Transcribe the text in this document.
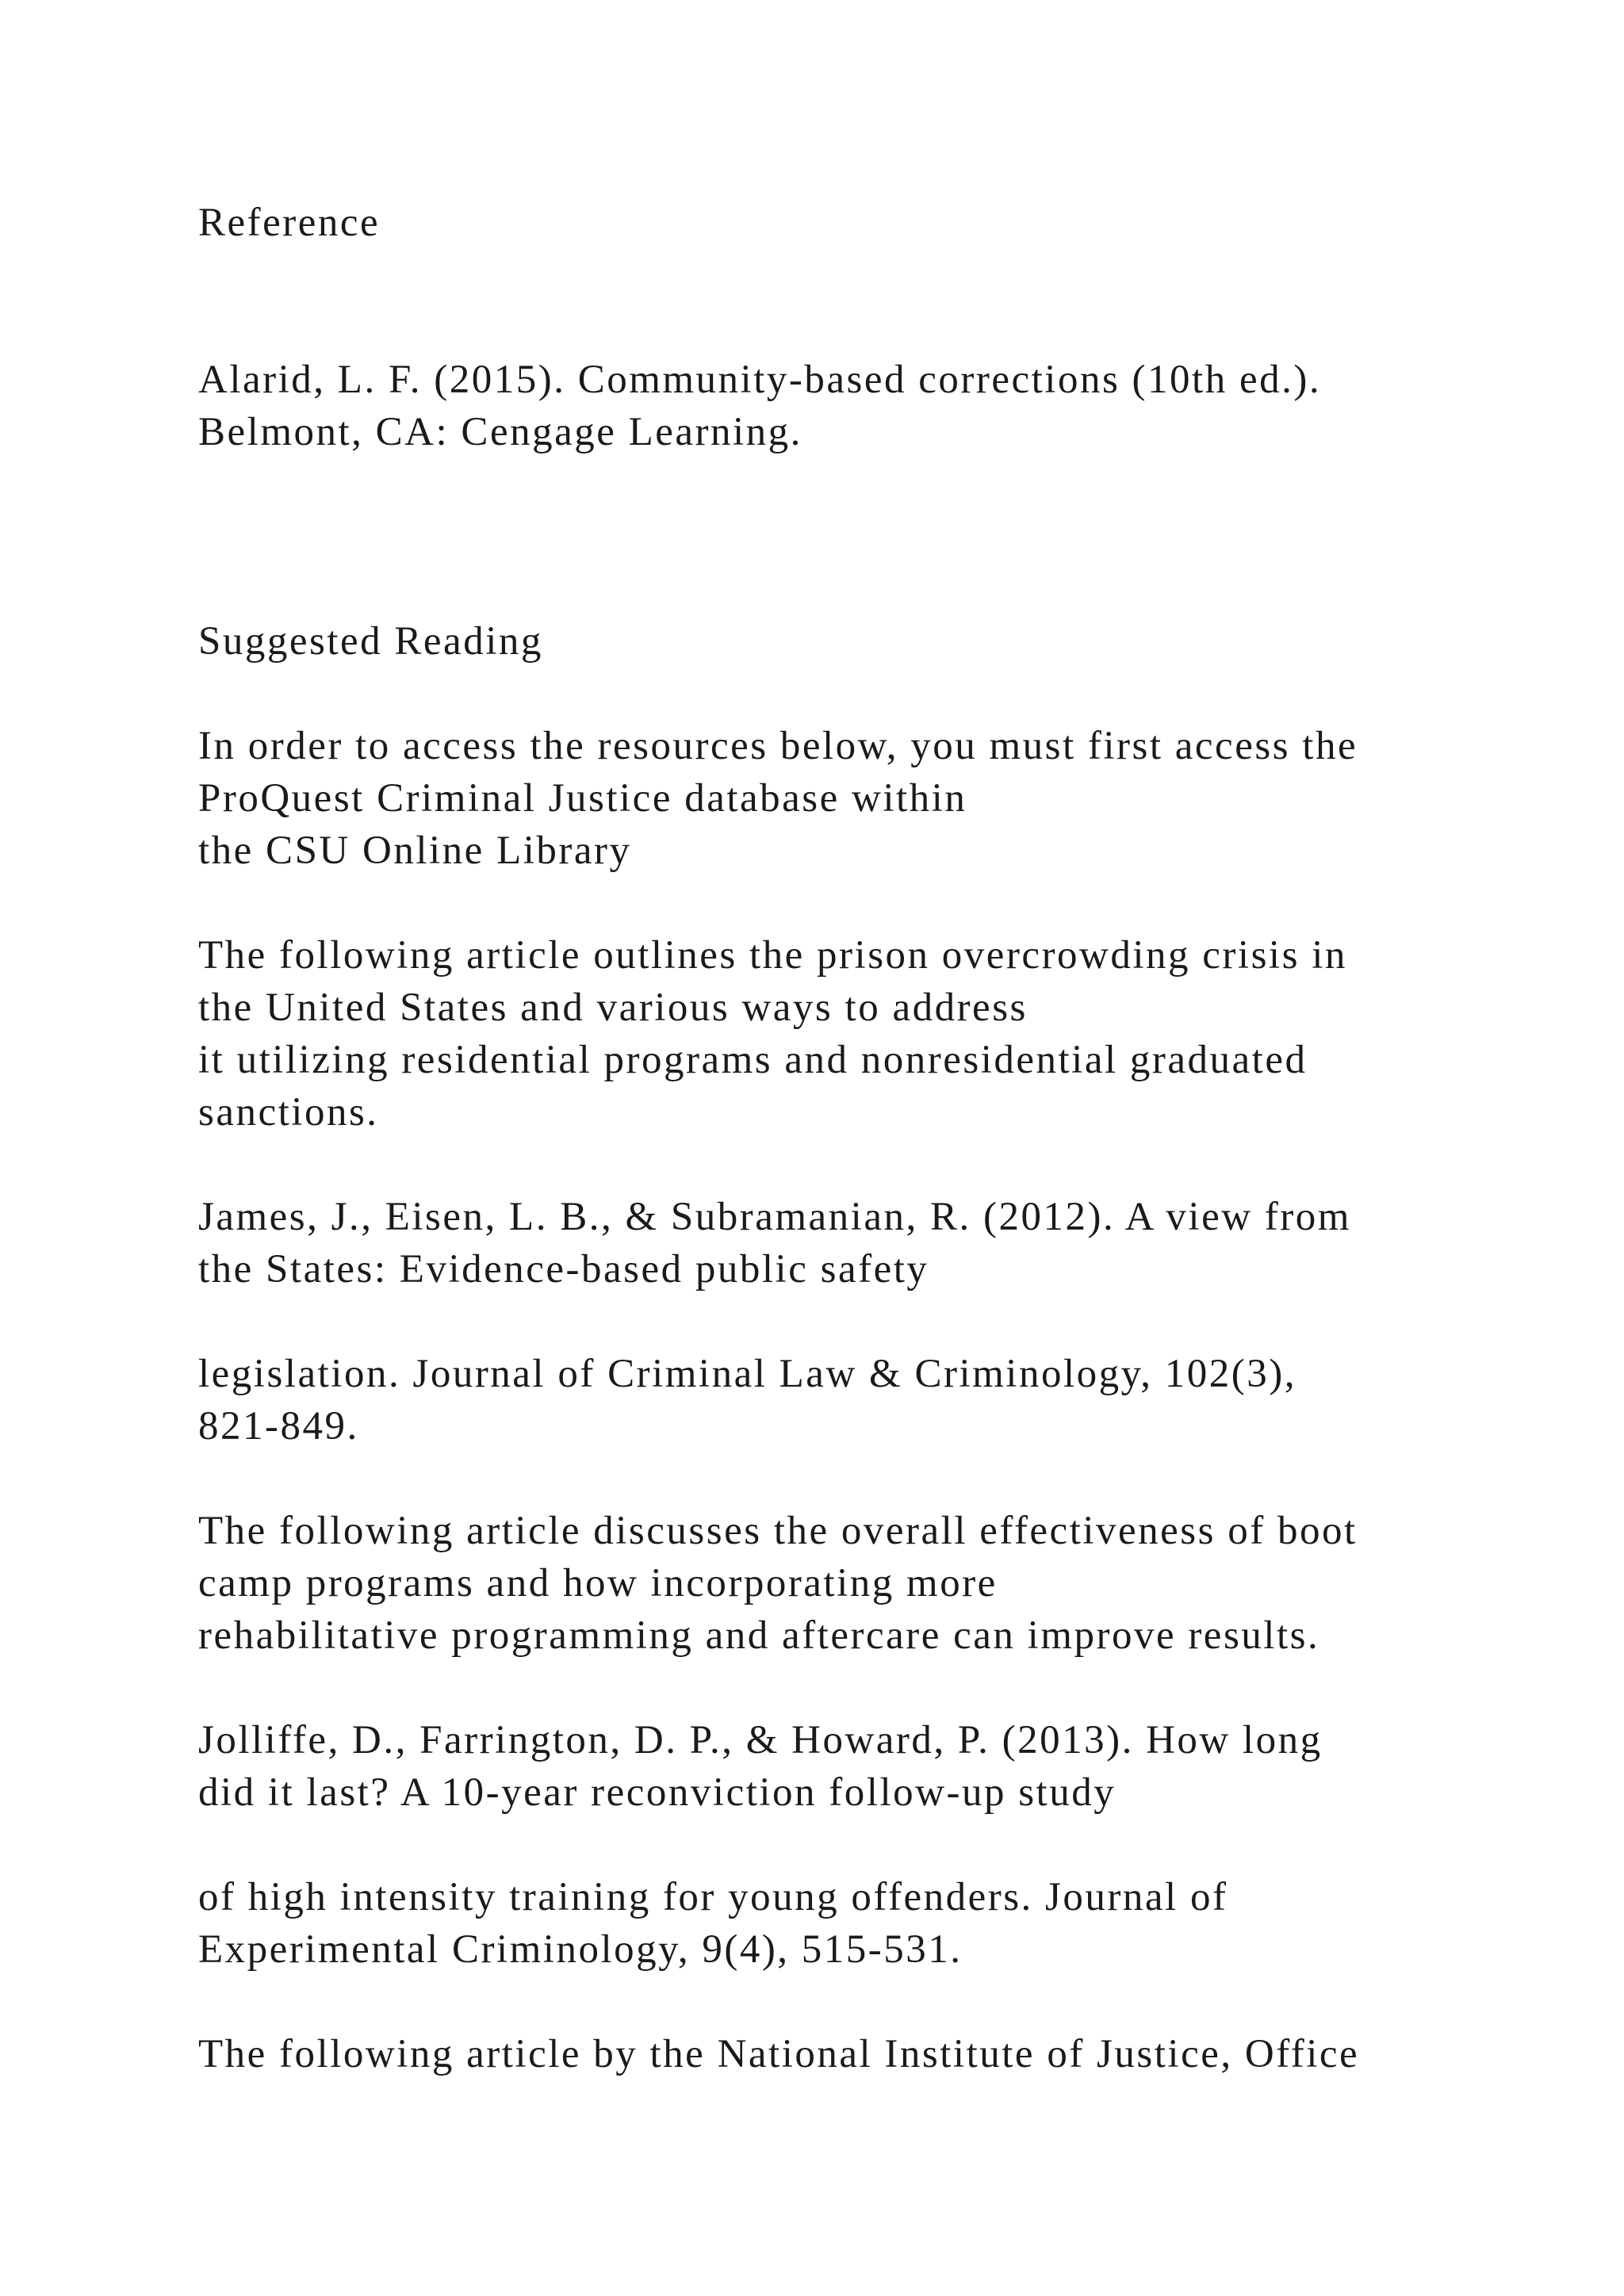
Reference

Alarid, L. F. (2015). Community-based corrections (10th ed.).

Belmont, CA: Cengage Learning.

Suggested Reading

In order to access the resources below, you must first access the

ProQuest Criminal Justice database within

the CSU Online Library

The following article outlines the prison overcrowding crisis in

the United States and various ways to address

it utilizing residential programs and nonresidential graduated

sanctions.

James, J., Eisen, L. B., & Subramanian, R. (2012). A view from

the States: Evidence-based public safety

legislation. Journal of Criminal Law & Criminology, 102(3),

821-849.

The following article discusses the overall effectiveness of boot

camp programs and how incorporating more

rehabilitative programming and aftercare can improve results.

Jolliffe, D., Farrington, D. P., & Howard, P. (2013). How long

did it last? A 10-year reconviction follow-up study

of high intensity training for young offenders. Journal of

Experimental Criminology, 9(4), 515-531.

The following article by the National Institute of Justice, Office
